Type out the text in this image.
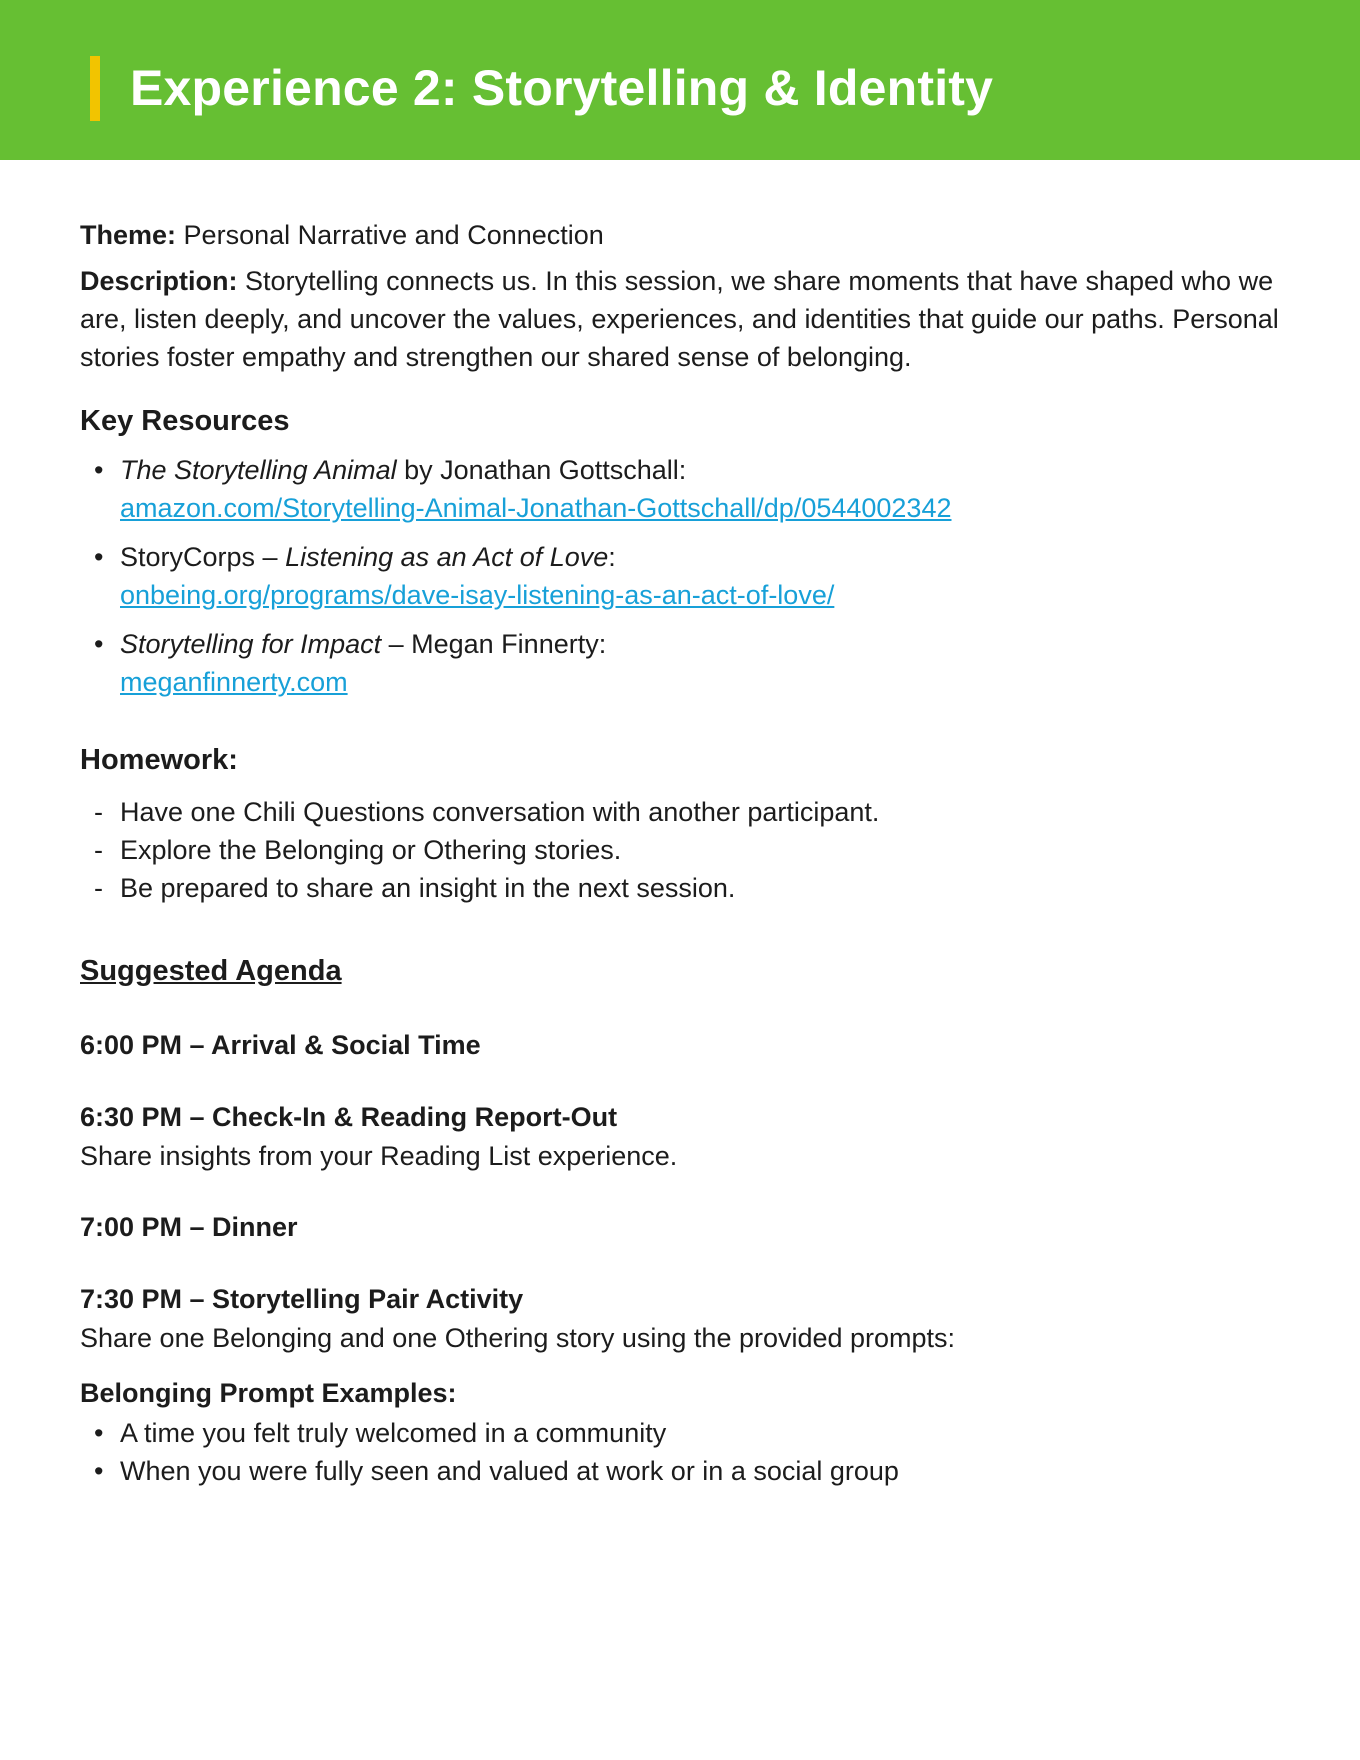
Experience 2: Storytelling & Identity

Theme: Personal Narrative and Connection

Description: Storytelling connects us. In this session, we share moments that have shaped who we are, listen deeply, and uncover the values, experiences, and identities that guide our paths. Personal stories foster empathy and strengthen our shared sense of belonging.

Key Resources
• The Storytelling Animal by Jonathan Gottschall:
amazon.com/Storytelling-Animal-Jonathan-Gottschall/dp/0544002342
• StoryCorps – Listening as an Act of Love:
onbeing.org/programs/dave-isay-listening-as-an-act-of-love/
• Storytelling for Impact – Megan Finnerty:
meganfinnerty.com
Homework:
- Have one Chili Questions conversation with another participant.
- Explore the Belonging or Othering stories.
- Be prepared to share an insight in the next session.
Suggested Agenda

6:00 PM – Arrival & Social Time

6:30 PM – Check-In & Reading Report-Out

Share insights from your Reading List experience.

7:00 PM – Dinner

7:30 PM – Storytelling Pair Activity

Share one Belonging and one Othering story using the provided prompts:

Belonging Prompt Examples:

• A time you felt truly welcomed in a community
• When you were fully seen and valued at work or in a social group
